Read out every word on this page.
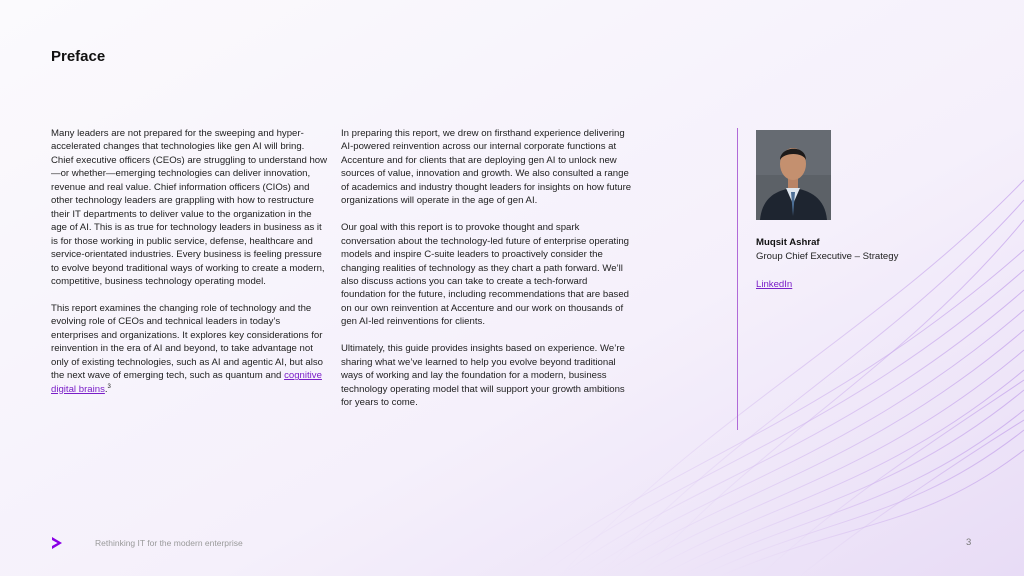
Preface

Many leaders are not prepared for the sweeping and hyper-accelerated changes that technologies like gen AI will bring. Chief executive officers (CEOs) are struggling to understand how—or whether—emerging technologies can deliver innovation, revenue and real value. Chief information officers (CIOs) and other technology leaders are grappling with how to restructure their IT departments to deliver value to the organization in the age of AI. This is as true for technology leaders in business as it is for those working in public service, defense, healthcare and service-orientated industries. Every business is feeling pressure to evolve beyond traditional ways of working to create a modern, competitive, business technology operating model.

This report examines the changing role of technology and the evolving role of CEOs and technical leaders in today’s enterprises and organizations. It explores key considerations for reinvention in the era of AI and beyond, to take advantage not only of existing technologies, such as AI and agentic AI, but also the next wave of emerging tech, such as quantum and cognitive digital brains.$^3$

In preparing this report, we drew on firsthand experience delivering AI-powered reinvention across our internal corporate functions at Accenture and for clients that are deploying gen AI to unlock new sources of value, innovation and growth. We also consulted a range of academics and industry thought leaders for insights on how future organizations will operate in the age of gen AI.

Our goal with this report is to provoke thought and spark conversation about the technology-led future of enterprise operating models and inspire C-suite leaders to proactively consider the changing realities of technology as they chart a path forward. We’ll also discuss actions you can take to create a tech-forward foundation for the future, including recommendations that are based on our own reinvention at Accenture and our work on thousands of gen AI-led reinventions for clients.

Ultimately, this guide provides insights based on experience. We’re sharing what we’ve learned to help you evolve beyond traditional ways of working and lay the foundation for a modern, business technology operating model that will support your growth ambitions for years to come.

Muqsit Ashraf
Group Chief Executive – Strategy
LinkedIn
Rethinking IT for the modern enterprise	3
